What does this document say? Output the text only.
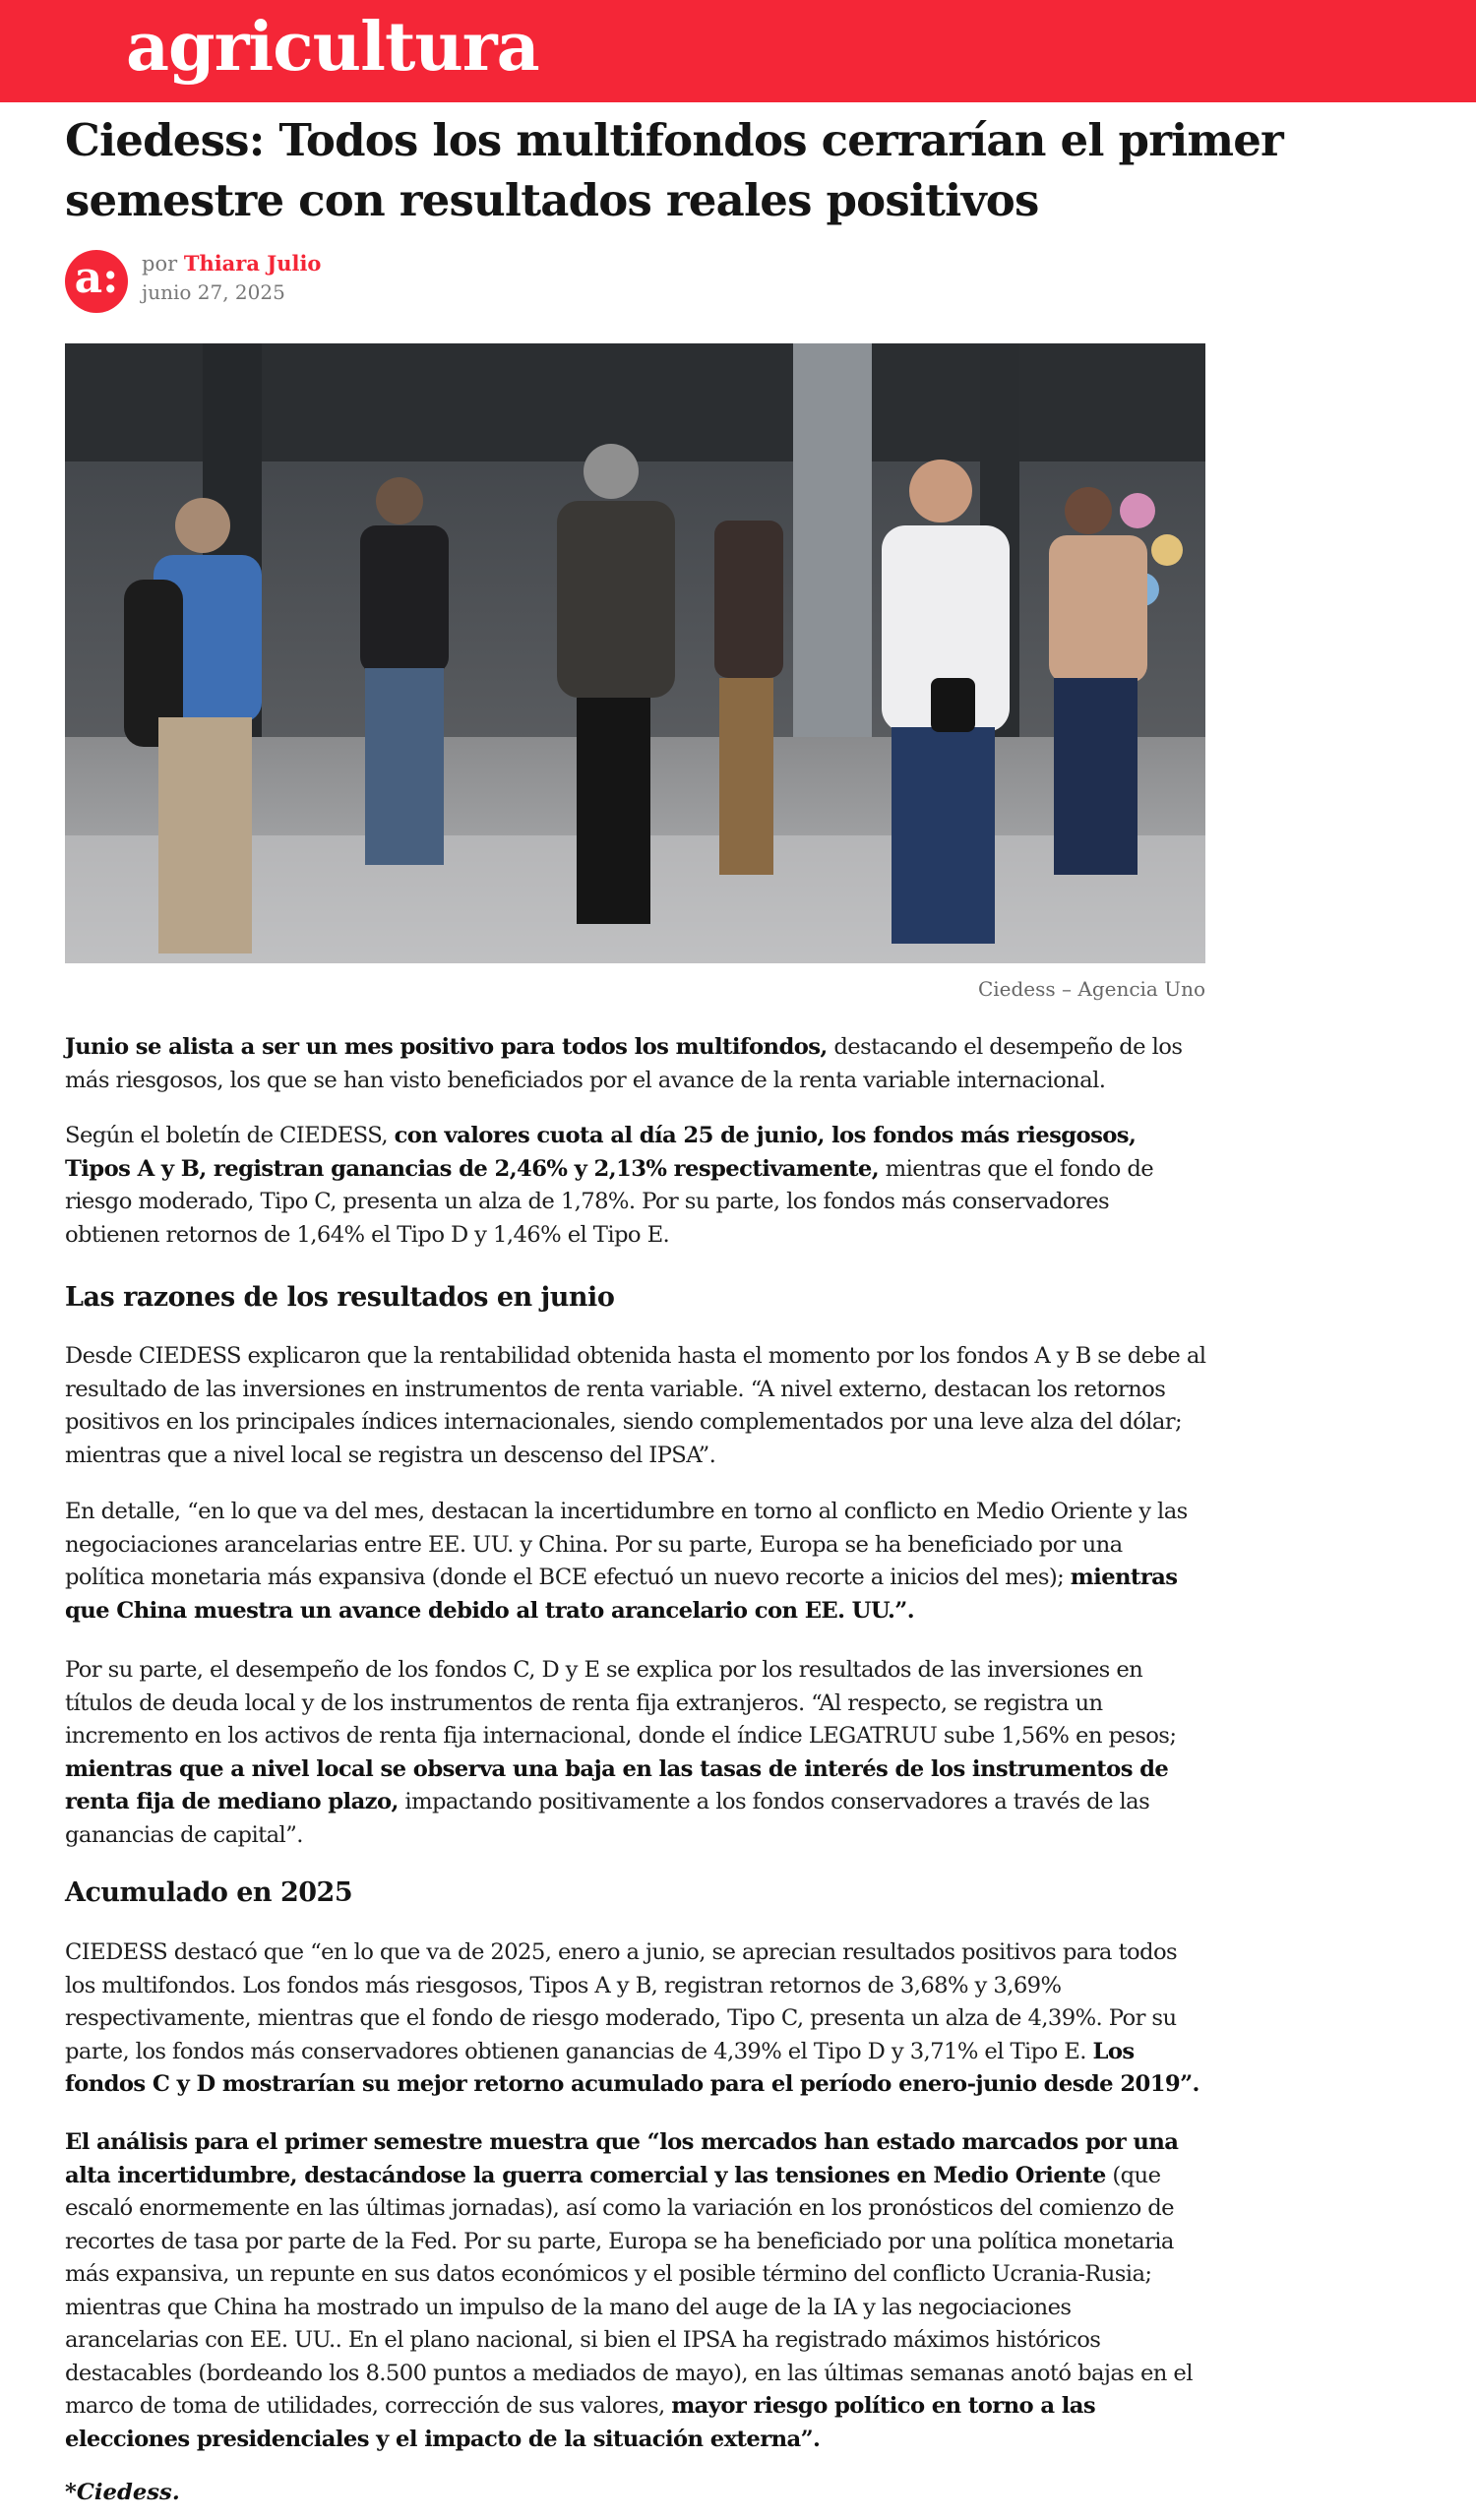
agricultura
Ciedess: Todos los multifondos cerrarían el primer semestre con resultados reales positivos
a:	por Thiara Julio
junio 27, 2025
Ciedess – Agencia Uno

Junio se alista a ser un mes positivo para todos los multifondos, destacando el desempeño de los más riesgosos, los que se han visto beneficiados por el avance de la renta variable internacional.

Según el boletín de CIEDESS, con valores cuota al día 25 de junio, los fondos más riesgosos, Tipos A y B, registran ganancias de 2,46% y 2,13% respectivamente, mientras que el fondo de riesgo moderado, Tipo C, presenta un alza de 1,78%. Por su parte, los fondos más conservadores obtienen retornos de 1,64% el Tipo D y 1,46% el Tipo E.

Las razones de los resultados en junio

Desde CIEDESS explicaron que la rentabilidad obtenida hasta el momento por los fondos A y B se debe al resultado de las inversiones en instrumentos de renta variable. “A nivel externo, destacan los retornos positivos en los principales índices internacionales, siendo complementados por una leve alza del dólar; mientras que a nivel local se registra un descenso del IPSA”.

En detalle, “en lo que va del mes, destacan la incertidumbre en torno al conflicto en Medio Oriente y las negociaciones arancelarias entre EE. UU. y China. Por su parte, Europa se ha beneficiado por una política monetaria más expansiva (donde el BCE efectuó un nuevo recorte a inicios del mes); mientras que China muestra un avance debido al trato arancelario con EE. UU.”.

Por su parte, el desempeño de los fondos C, D y E se explica por los resultados de las inversiones en títulos de deuda local y de los instrumentos de renta fija extranjeros. “Al respecto, se registra un incremento en los activos de renta fija internacional, donde el índice LEGATRUU sube 1,56% en pesos; mientras que a nivel local se observa una baja en las tasas de interés de los instrumentos de renta fija de mediano plazo, impactando positivamente a los fondos conservadores a través de las ganancias de capital”.

Acumulado en 2025

CIEDESS destacó que “en lo que va de 2025, enero a junio, se aprecian resultados positivos para todos los multifondos. Los fondos más riesgosos, Tipos A y B, registran retornos de 3,68% y 3,69% respectivamente, mientras que el fondo de riesgo moderado, Tipo C, presenta un alza de 4,39%. Por su parte, los fondos más conservadores obtienen ganancias de 4,39% el Tipo D y 3,71% el Tipo E. Los fondos C y D mostrarían su mejor retorno acumulado para el período enero-junio desde 2019”.

El análisis para el primer semestre muestra que “los mercados han estado marcados por una alta incertidumbre, destacándose la guerra comercial y las tensiones en Medio Oriente (que escaló enormemente en las últimas jornadas), así como la variación en los pronósticos del comienzo de recortes de tasa por parte de la Fed. Por su parte, Europa se ha beneficiado por una política monetaria más expansiva, un repunte en sus datos económicos y el posible término del conflicto Ucrania-Rusia; mientras que China ha mostrado un impulso de la mano del auge de la IA y las negociaciones arancelarias con EE. UU.. En el plano nacional, si bien el IPSA ha registrado máximos históricos destacables (bordeando los 8.500 puntos a mediados de mayo), en las últimas semanas anotó bajas en el marco de toma de utilidades, corrección de sus valores, mayor riesgo político en torno a las elecciones presidenciales y el impacto de la situación externa”.

*Ciedess.
